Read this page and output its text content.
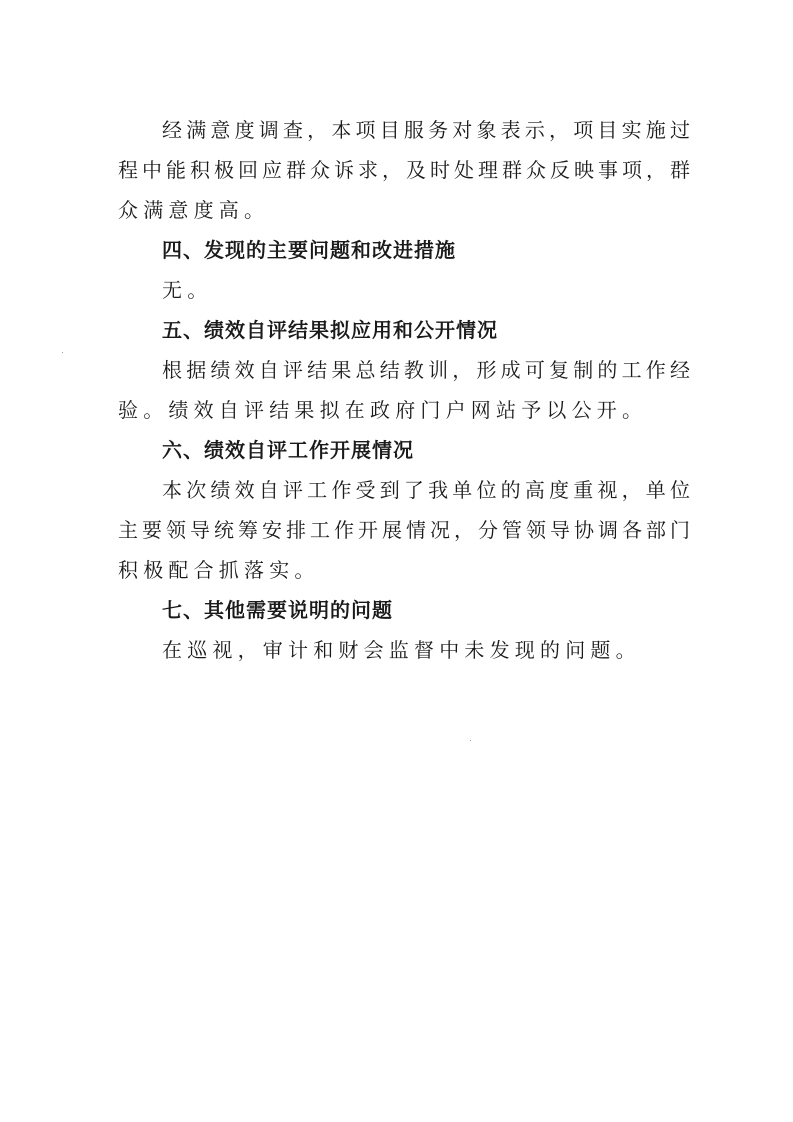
经满意度调查，本项目服务对象表示，项目实施过
程中能积极回应群众诉求，及时处理群众反映事项，群
众满意度高。
四、发现的主要问题和改进措施
无。
五、绩效自评结果拟应用和公开情况
根据绩效自评结果总结教训，形成可复制的工作经
验。绩效自评结果拟在政府门户网站予以公开。
六、绩效自评工作开展情况
本次绩效自评工作受到了我单位的高度重视，单位
主要领导统筹安排工作开展情况，分管领导协调各部门
积极配合抓落实。
七、其他需要说明的问题
在巡视，审计和财会监督中未发现的问题。
